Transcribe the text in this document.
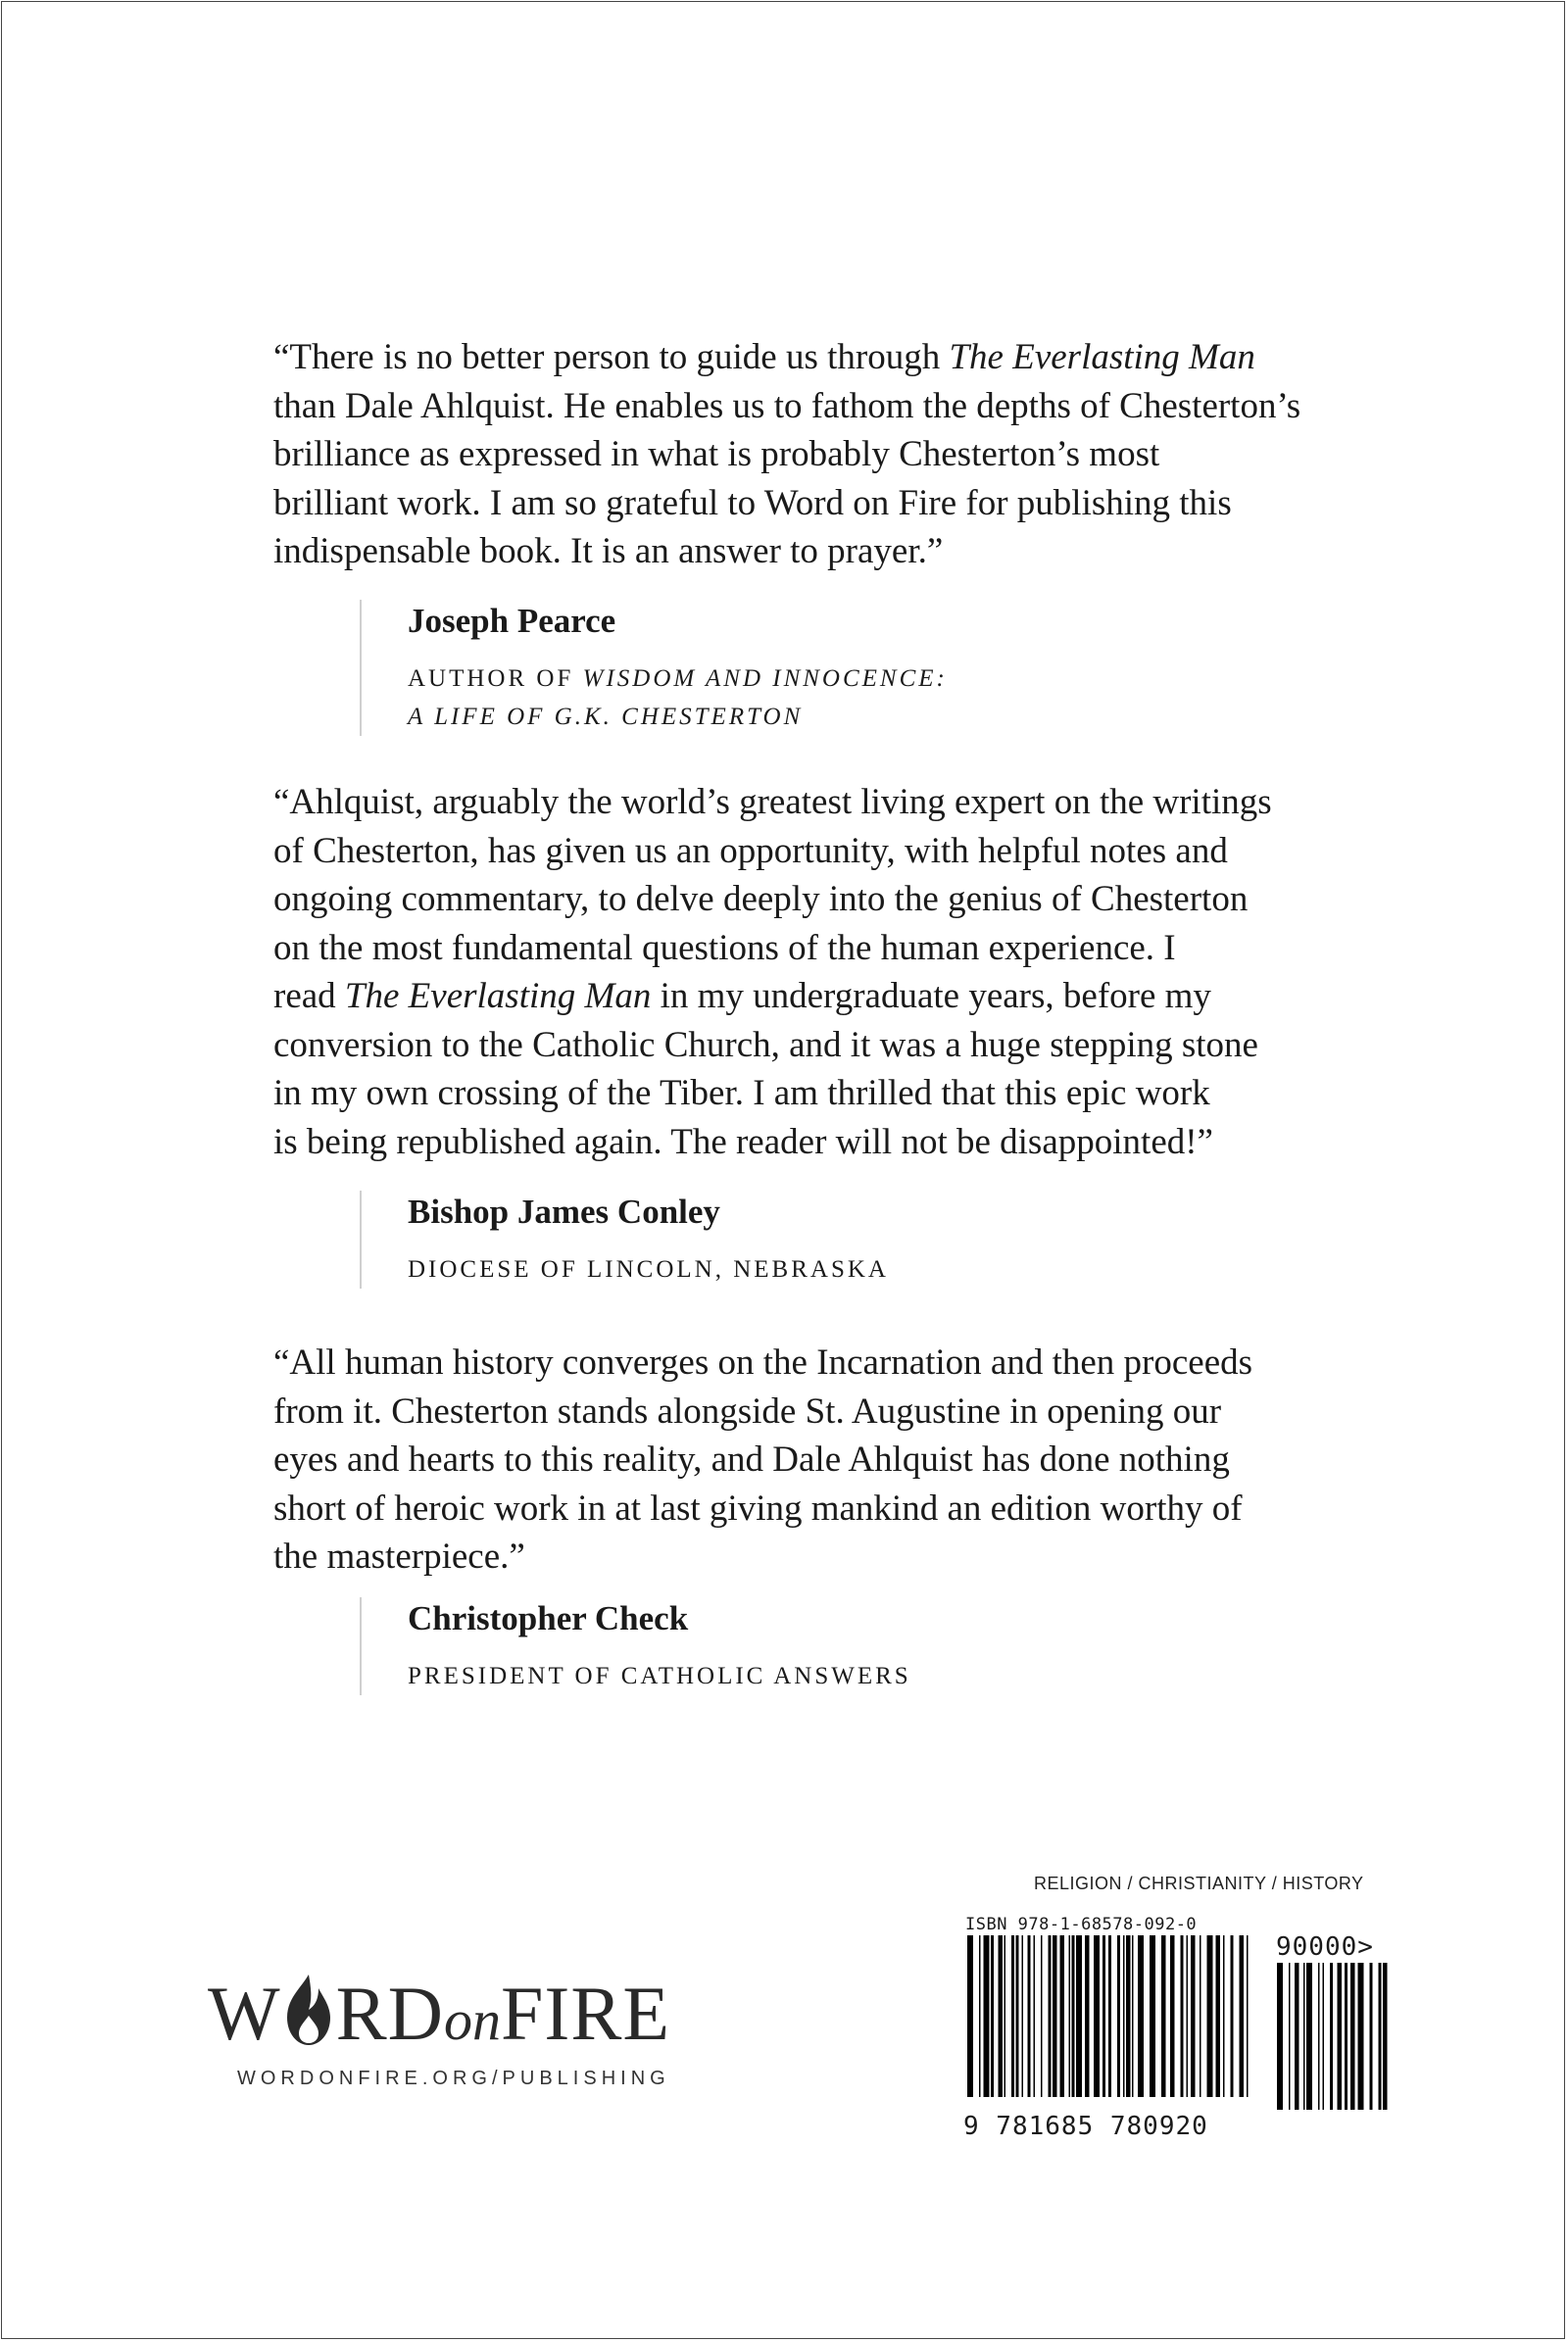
“There is no better person to guide us through The Everlasting Man
than Dale Ahlquist. He enables us to fathom the depths of Chesterton’s
brilliance as expressed in what is probably Chesterton’s most
brilliant work. I am so grateful to Word on Fire for publishing this
indispensable book. It is an answer to prayer.”

Joseph Pearce

AUTHOR OF WISDOM AND INNOCENCE:
A LIFE OF G.K. CHESTERTON

“Ahlquist, arguably the world’s greatest living expert on the writings
of Chesterton, has given us an opportunity, with helpful notes and
ongoing commentary, to delve deeply into the genius of Chesterton
on the most fundamental questions of the human experience. I
read The Everlasting Man in my undergraduate years, before my
conversion to the Catholic Church, and it was a huge stepping stone
in my own crossing of the Tiber. I am thrilled that this epic work
is being republished again. The reader will not be disappointed!”

Bishop James Conley

DIOCESE OF LINCOLN, NEBRASKA

“All human history converges on the Incarnation and then proceeds
from it. Chesterton stands alongside St. Augustine in opening our
eyes and hearts to this reality, and Dale Ahlquist has done nothing
short of heroic work in at last giving mankind an edition worthy of
the masterpiece.”

Christopher Check

PRESIDENT OF CATHOLIC ANSWERS

W RDonFIRE
WORDONFIRE.ORG/PUBLISHING
RELIGION / CHRISTIANITY / HISTORY
ISBN 978-1-68578-092-0
90000>
9 781685 780920
